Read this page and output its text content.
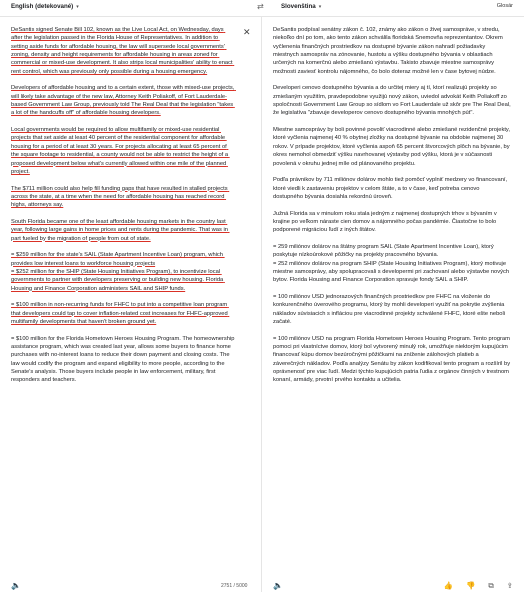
English (detekované) ▾	⇄	Slovenština ▾	Glosár
✕

DeSantis signed Senate Bill 102, known as the Live Local Act, on Wednesday, days after the legislation passed in the Florida House of Representatives. In addition to setting aside funds for affordable housing, the law will supersede local governments' zoning, density and height requirements for affordable housing in areas zoned for commercial or mixed-use development. It also strips local municipalities' ability to enact rent control, which was previously only possible during a housing emergency.

Developers of affordable housing and to a certain extent, those with mixed-use projects, will likely take advantage of the new law, Attorney Keith Poliakoff, of Fort Lauderdale-based Government Law Group, previously told The Real Deal that the legislation "takes a lot of the handcuffs off" of affordable housing developers.

Local governments would be required to allow multifamily or mixed-use residential projects that set aside at least 40 percent of the residential component for affordable housing for a period of at least 30 years. For projects allocating at least 65 percent of the square footage to residential, a county would not be able to restrict the height of a proposed development below what's currently allowed within one mile of the planned project.

The $711 million could also help fill funding gaps that have resulted in stalled projects across the state, at a time when the need for affordable housing has reached record highs, attorneys say.

South Florida became one of the least affordable housing markets in the country last year, following large gains in home prices and rents during the pandemic. That was in part fueled by the migration of people from out of state.

= $259 million for the state's SAIL (State Apartment Incentive Loan) program, which provides low interest loans to workforce housing projects
= $252 million for the SHIP (State Housing Initiatives Program), to incentivize local governments to partner with developers preserving or building new housing. Florida Housing and Finance Corporation administers SAIL and SHIP funds.

= $100 million in non-recurring funds for FHFC to put into a competitive loan program that developers could tap to cover inflation-related cost increases for FHFC-approved multifamily developments that haven't broken ground yet.

= $100 million for the Florida Hometown Heroes Housing Program. The homeownership assistance program, which was created last year, allows some buyers to finance home purchases with no-interest loans to reduce their down payment and closing costs. The law would codify the program and expand eligibility to more people, according to the Senate's analysis. Those buyers include people in law enforcement, military, first responders and teachers.

DeSantis podpísal senátny zákon č. 102, známy ako zákon o živej samospráve, v stredu, niekoľko dní po tom, ako tento zákon schválila floridská Snemovňa reprezentantov. Okrem vyčlenenia finančných prostriedkov na dostupné bývanie zákon nahradí požiadavky miestnych samospráv na zónovanie, hustotu a výšku dostupného bývania v oblastiach určených na komerčnú alebo zmiešanú výstavbu. Takisto zbavuje miestne samosprávy možnosti zaviesť kontrolu nájomného, čo bolo doteraz možné len v čase bytovej núdze.

Developeri cenovo dostupného bývania a do určitej miery aj tí, ktorí realizujú projekty so zmiešaným využitím, pravdepodobne využijú nový zákon, uviedol advokát Keith Poliakoff zo spoločnosti Government Law Group so sídlom vo Fort Lauderdale už skôr pre The Real Deal, že legislatíva "zbavuje developerov cenovo dostupného bývania mnohých pút".

Miestne samosprávy by boli povinné povoliť viacrodinné alebo zmiešané rezidenčné projekty, ktoré vyčlenia najmenej 40 % obytnej zložky na dostupné bývanie na obdobie najmenej 30 rokov. V prípade projektov, ktoré vyčlenia aspoň 65 percent štvorcových plôch na bývanie, by okres nemohol obmedziť výšku navrhovanej výstavby pod výšku, ktorá je v súčasnosti povolená v okruhu jednej míle od plánovaného projektu.

Podľa právnikov by 711 miliónov dolárov mohlo tiež pomôcť vyplniť medzery vo financovaní, ktoré viedli k zastaveniu projektov v celom štáte, a to v čase, keď potreba cenovo dostupného bývania dosiahla rekordnú úroveň.

Južná Florida sa v minulom roku stala jedným z najmenej dostupných trhov s bývaním v krajine po veľkom náraste cien domov a nájomného počas pandémie. Čiastočne to bolo podporené migráciou ľudí z iných štátov.

= 259 miliónov dolárov na štátny program SAIL (State Apartment Incentive Loan), ktorý poskytuje nízkoúrokové pôžičky na projekty pracovného bývania.
= 252 miliónov dolárov na program SHIP (State Housing Initiatives Program), ktorý motivuje miestne samosprávy, aby spolupracovali s developermi pri zachovaní alebo výstavbe nových bytov. Florida Housing and Finance Corporation spravuje fondy SAIL a SHIP.

= 100 miliónov USD jednorazových finančných prostriedkov pre FHFC na vloženie do konkurenčného úverového programu, ktorý by mohli developeri využiť na pokrytie zvýšenia nákladov súvisiacich s infláciou pre viacrodinné projekty schválené FHFC, ktoré ešte neboli začaté.

= 100 miliónov USD na program Florida Hometown Heroes Housing Program. Tento program pomoci pri vlastníctve domov, ktorý bol vytvorený minulý rok, umožňuje niektorým kupujúcim financovať kúpu domov bezúročnými pôžičkami na zníženie zálohových platieb a záverečných nákladov. Podľa analýzy Senátu by zákon kodifikoval tento program a rozšíril by oprávnenosť pre viac ľudí. Medzi týchto kupujúcich patria ľudia z orgánov činných v trestnom konaní, armády, prvotní prvého kontaktu a učitelia.

🔈	2751 / 5000	🔈	👍 👎 ⧉ ⇪
